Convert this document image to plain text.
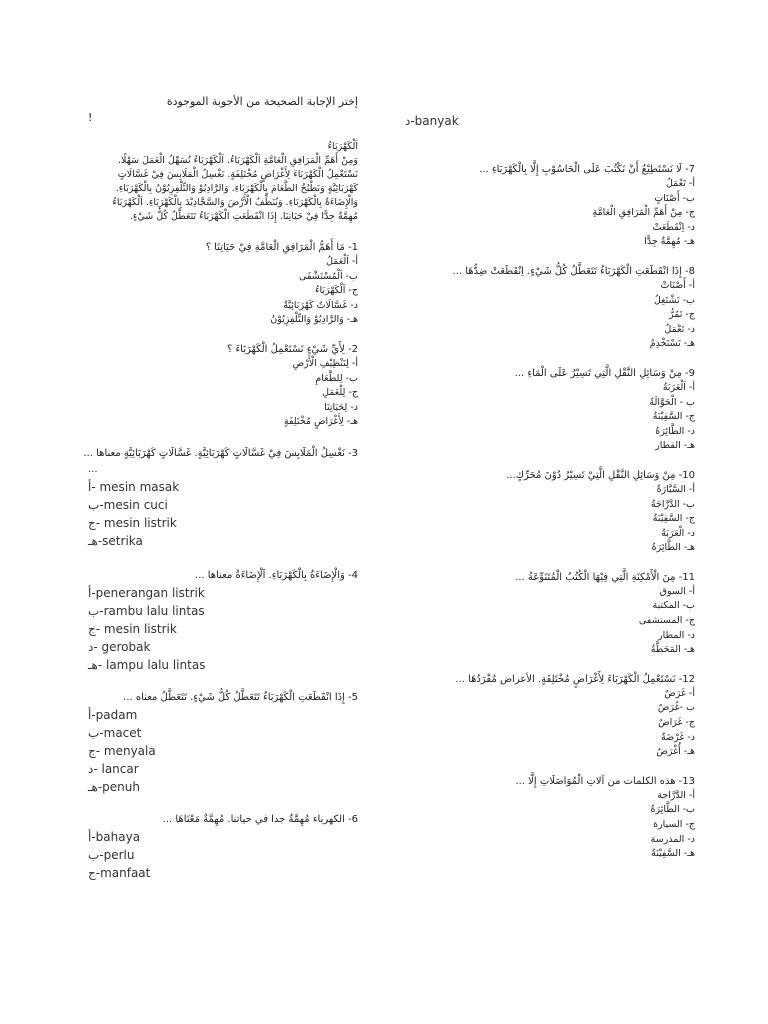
إختر الإجابة الصحيحة من الأجوبة الموجودة
!
اَلْكَهْرَبَاءُ
وَمِنْ أَهَمِّ الْمَرَافِقِ الْعَامَّةِ اَلْكَهْرَبَاءُ. اَلْكَهْرَبَاءُ تُسَهِّلُ الْعَمَلَ سَهْلًا.
نَسْتَعْمِلُ الْكَهْرَبَاءَ لِأَغْرَاضٍ مُخْتَلِفَةٍ. نَغْسِلُ الْمَلَابِسَ فِيْ غَسَّالَاتٍ
كَهْرَبَائِيَّةٍ وَنَطْبُخُ الطَّعَامَ بِالْكَهْرَبَاءِ. وَالرَّادِيُوْ وَالتِّلْفِزِيُوْنُ بِالْكَهْرَبَاءِ.
وَالْإِضَاءَةُ بِالْكَهْرَبَاءِ. وَنُنَظِّفُ الْأَرْضَ وَالسَّجَّادِيْدَ بِالْكَهْرَبَاءِ. اَلْكَهْرَبَاءُ
مُهِمَّةٌ جِدًّا فِيْ حَيَاتِنَا. إِذَا انْقَطَعَتِ الْكَهْرَبَاءُ تَتَعَطَّلُ كُلُّ شَيْءٍ.
1- مَا أَهَمُّ الْمَرَافِقِ الْعَامَّةِ فِيْ حَيَاتِنَا ؟
أ- اَلْعَمَلُ
ب- اَلْمُسْتَشْفَى
ج- اَلْكَهْرَبَاءُ
د- غَسَّالَاتٌ كَهْرَبَائِيَّةٌ
هـ- وَالرَّادِيُوْ وَالتِّلْفِزِيُوْنُ
2- لِأَيِّ شَيْءٍ نَسْتَعْمِلُ الْكَهْرَبَاءَ ؟
أ- لِتَنْظِيْفِ الْأَرْضِ
ب- لِلطَّعَامِ
ج- لِلْعَمَلِ
د- لِحَيَاتِنَا
هـ- لِأَغْرَاضٍ مُخْتَلِفَةٍ
3- نَغْسِلُ الْمَلَابِسَ فِيْ غَسَّالَاتٍ كَهْرَبَائِيَّةٍ. غَسَّالَاتٍ كَهْرَبَائِيَّةٍ معناها ...
...
أ- mesin masak
ب-mesin cuci
ج- mesin listrik
هـ-setrika
4- وَالْإِضَاءَةُ بِالْكَهْرَبَاءِ. اَلْإِضَاءَةُ معناها ...
أ-penerangan listrik
ب-rambu lalu lintas
ج- mesin listrik
د- gerobak
هـ- lampu lalu lintas
5- إِذَا انْقَطَعَتِ الْكَهْرَبَاءُ تَتَعَطَّلُ كُلُّ شَيْءٍ. تَتَعَطَّلُ معناه ...
أ-padam
ب-macet
ج- menyala
د- lancar
هـ-penuh
6- الكهرباء مُهِمَّةٌ جدا في حياتنا. مُهِمَّةٌ مَعْنَاهَا ...
أ-bahaya
ب-perlu
ج-manfaat
د-banyak
7- لَا نَسْتَطِيْعُ أَنْ نَكْتُبَ عَلَى الْحَاسُوْبِ إِلَّا بِالْكَهْرَبَاءِ ...
أ- تَعْمَلُ
ب- أَصْنَاتٍ
ج- مِنْ أَهَمِّ الْمَرَافِقِ الْعَامَّةِ
د- اِنْقَطَعَتْ
هـ- مُهِمَّةٌ جِدًّا
8- إِذَا انْقَطَعَتِ الْكَهْرَبَاءُ تَتَعَطَّلُ كُلُّ شَيْءٍ. اِنْقَطَعَتْ ضِدُّهَا ...
أ- أَصْنَاتْ
ب- تَشْتَغِلُ
ج- تَمُرُّ
د- تَعْمَلُ
هـ- تَسْتَخْدِمُ
9- مِنْ وَسَائِلِ النَّقْلِ الَّتِي تَسِيْرُ عَلَى الْمَاءِ ...
أ- اَلْعَرَبَةُ
ب - الْحَوَّالَةُ
ج- السَّفِيْنَةُ
د- الطَّائِرَةُ
هـ- القطار
10- مِنْ وَسَائِلِ النَّقْلِ الَّتِيْ تَسِيْرُ دُوْنَ مُحَرِّكٍ...
أ- السَّيَّارَةُ
ب- الدَّرَّاجَةُ
ج- السَّفِيْنَةُ
د- الْعَرَبَةُ
هـ- الطَّائِرَةُ
11- مِنَ الْأَمْكِنَةِ الَّتِي فِيْهَا الْكُتُبُ الْمُتَنَوِّعَةُ ...
أ- السوق
ب- المكتبة
ج- المستشفى
د- المطار
هـ- المَحَطَّةُ
12- نَسْتَعْمِلُ الْكَهْرَبَاءَ لِأَغْرَاضٍ مُخْتَلِفَةٍ. الأعراض مُفْرَدُهَا ...
أ- غَرَضٌ
ب -غُرَضٌ
ج- غَرَاضٌ
د- غَرْضَةٌ
هـ- أُغْرَضٌ
13- هذه الكلمات من آلاتِ الْمُوَاصَلَاتِ إِلَّا ...
أ- الدَّرَّاجة
ب- الطَّائِرَةُ
ج- السيارة
د- المدرسة
هـ- السَّفِيْنَةُ
